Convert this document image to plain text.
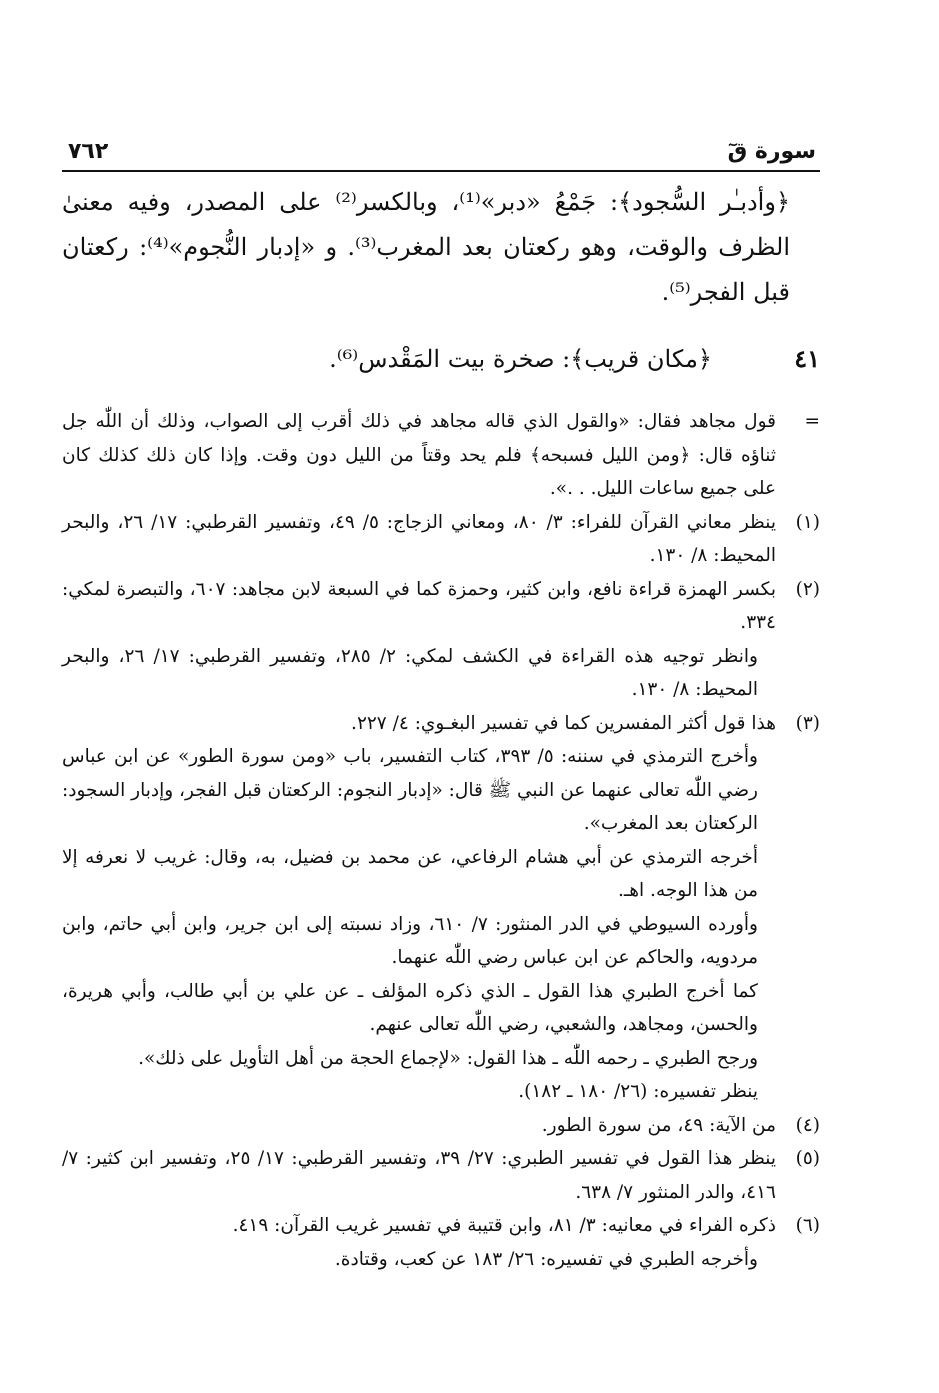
سورة قٓ
٧٦٢

﴿وأدبـٰر السُّجود﴾: جَمْعُ «دبر»⁽¹⁾، وبالكسر⁽²⁾ على المصدر، وفيه معنىٰ الظرف والوقت، وهو ركعتان بعد المغرب⁽³⁾. و «إدبار النُّجوم»⁽⁴⁾: ركعتان قبل الفجر⁽⁵⁾.

٤١
﴿مكان قريب﴾: صخرة بيت المَقْدس⁽⁶⁾.
=

قول مجاهد فقال: «والقول الذي قاله مجاهد في ذلك أقرب إلى الصواب، وذلك أن اللّٰه جل ثناؤه قال: ﴿ومن الليل فسبحه﴾ فلم يحد وقتاً من الليل دون وقت. وإذا كان ذلك كذلك كان على جميع ساعات الليل. . .».

(١)

ينظر معاني القرآن للفراء: ٣/ ٨٠، ومعاني الزجاج: ٥/ ٤٩، وتفسير القرطبي: ١٧/ ٢٦، والبحر المحيط: ٨/ ١٣٠.

(٢)

بكسر الهمزة قراءة نافع، وابن كثير، وحمزة كما في السبعة لابن مجاهد: ٦٠٧، والتبصرة لمكي: ٣٣٤.

وانظر توجيه هذه القراءة في الكشف لمكي: ٢/ ٢٨٥، وتفسير القرطبي: ١٧/ ٢٦، والبحر المحيط: ٨/ ١٣٠.

(٣)

هذا قول أكثر المفسرين كما في تفسير البغـوي: ٤/ ٢٢٧.

وأخرج الترمذي في سننه: ٥/ ٣٩٣، كتاب التفسير، باب «ومن سورة الطور» عن ابن عباس رضي اللّٰه تعالى عنهما عن النبي ﷺ قال: «إدبار النجوم: الركعتان قبل الفجر، وإدبار السجود: الركعتان بعد المغرب».

أخرجه الترمذي عن أبي هشام الرفاعي، عن محمد بن فضيل، به، وقال: غريب لا نعرفه إلا من هذا الوجه. اهـ.

وأورده السيوطي في الدر المنثور: ٧/ ٦١٠، وزاد نسبته إلى ابن جرير، وابن أبي حاتم، وابن مردويه، والحاكم عن ابن عباس رضي اللّٰه عنهما.

كما أخرج الطبري هذا القول ـ الذي ذكره المؤلف ـ عن علي بن أبي طالب، وأبي هريرة، والحسن، ومجاهد، والشعبي، رضي اللّٰه تعالى عنهم.

ورجح الطبري ـ رحمه اللّٰه ـ هذا القول: «لإجماع الحجة من أهل التأويل على ذلك».

ينظر تفسيره: (٢٦/ ١٨٠ ـ ١٨٢).

(٤)

من الآية: ٤٩، من سورة الطور.

(٥)

ينظر هذا القول في تفسير الطبري: ٢٧/ ٣٩، وتفسير القرطبي: ١٧/ ٢٥، وتفسير ابن كثير: ٧/ ٤١٦، والدر المنثور ٧/ ٦٣٨.

(٦)

ذكره الفراء في معانيه: ٣/ ٨١، وابن قتيبة في تفسير غريب القرآن: ٤١٩.

وأخرجه الطبري في تفسيره: ٢٦/ ١٨٣ عن كعب، وقتادة.
